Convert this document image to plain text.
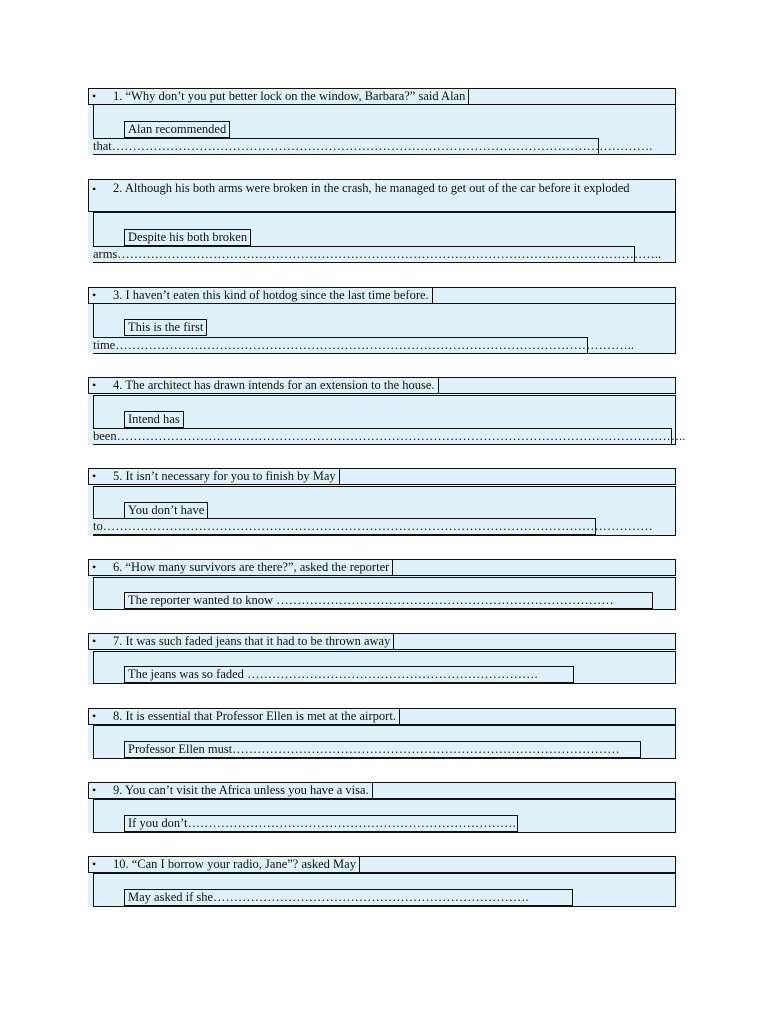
• 1. “Why don’t you put better lock on the window, Barbara?” said Alan
Alan recommended
that………………………………………………………………………………………………………………….
• 2. Although his both arms were broken in the crash, he managed to get out of the car before it exploded
Despite his both broken
arms…………………………………………………………………………………………………………………..
• 3. I haven’t eaten this kind of hotdog since the last time before.
This is the first
time……………………………………………………………………………………………………………..
• 4. The architect has drawn intends for an extension to the house.
Intend has
been………………………………………………………………………………………………………………………..
• 5. It isn’t necessary for you to finish by May
You don’t have
to……………………………………………………………………………………………………………………
• 6. “How many survivors are there?”, asked the reporter
The reporter wanted to know ………………………………………………………………………
• 7. It was such faded jeans that it had to be thrown away
The jeans was so faded …………………………………………………………….
• 8. It is essential that Professor Ellen is met at the airport.
Professor Ellen must…………………………………………………………………………………
• 9. You can’t visit the Africa unless you have a visa.
If you don’t…………………………………………………………………….
• 10. “Can I borrow your radio, Jane”? asked May
May asked if she………………………………………………………………….
